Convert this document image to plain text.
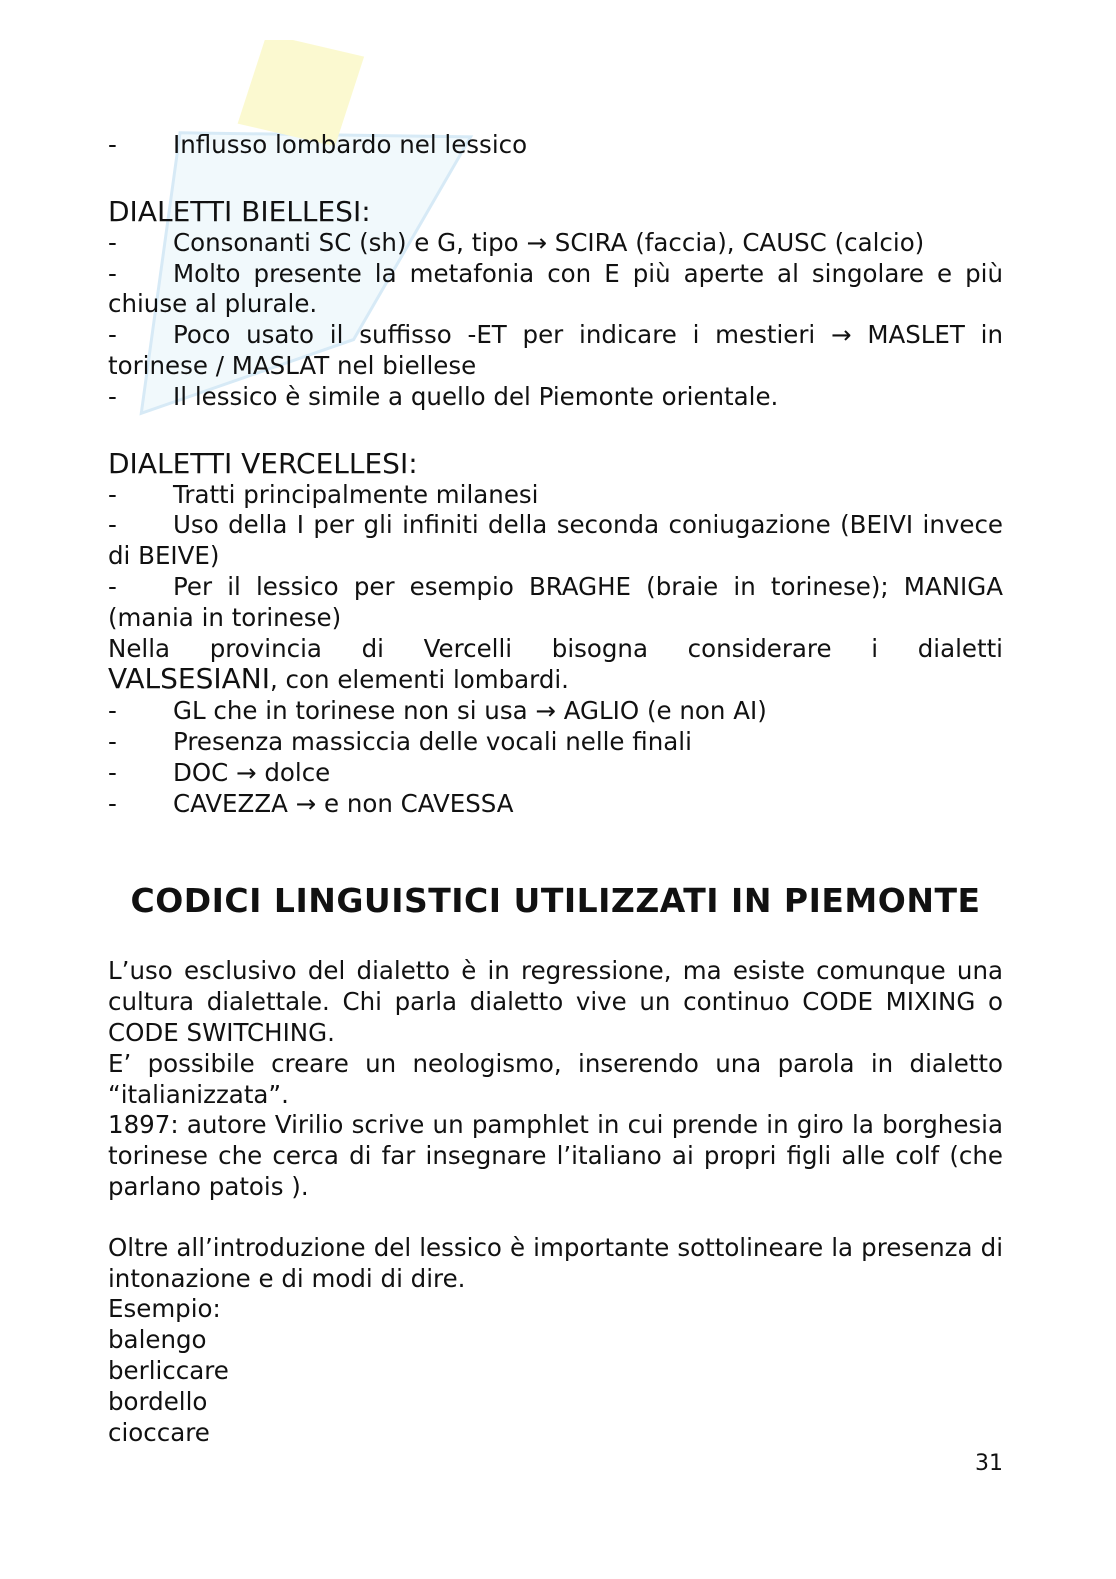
- Influsso lombardo nel lessico
DIALETTI BIELLESI:
- Consonanti SC (sh) e G, tipo → SCIRA (faccia), CAUSC (calcio)
- Molto presente la metafonia con E più aperte al singolare e più chiuse al plurale.
- Poco usato il suffisso -ET per indicare i mestieri → MASLET in torinese / MASLAT nel biellese
- Il lessico è simile a quello del Piemonte orientale.
DIALETTI VERCELLESI:
- Tratti principalmente milanesi
- Uso della I per gli infiniti della seconda coniugazione (BEIVI invece di BEIVE)
- Per il lessico per esempio BRAGHE (braie in torinese); MANIGA (mania in torinese)
Nella provincia di Vercelli bisogna considerare i dialetti
VALSESIANI, con elementi lombardi.
- GL che in torinese non si usa → AGLIO (e non AI)
- Presenza massiccia delle vocali nelle finali
- DOC → dolce
- CAVEZZA → e non CAVESSA
CODICI LINGUISTICI UTILIZZATI IN PIEMONTE
L’uso esclusivo del dialetto è in regressione, ma esiste comunque una cultura dialettale. Chi parla dialetto vive un continuo CODE MIXING o CODE SWITCHING.
E’ possibile creare un neologismo, inserendo una parola in dialetto “italianizzata”.
1897: autore Virilio scrive un pamphlet in cui prende in giro la borghesia torinese che cerca di far insegnare l’italiano ai propri figli alle colf (che parlano patois ).
Oltre all’introduzione del lessico è importante sottolineare la presenza di intonazione e di modi di dire.
Esempio:
balengo
berliccare
bordello
cioccare
31
